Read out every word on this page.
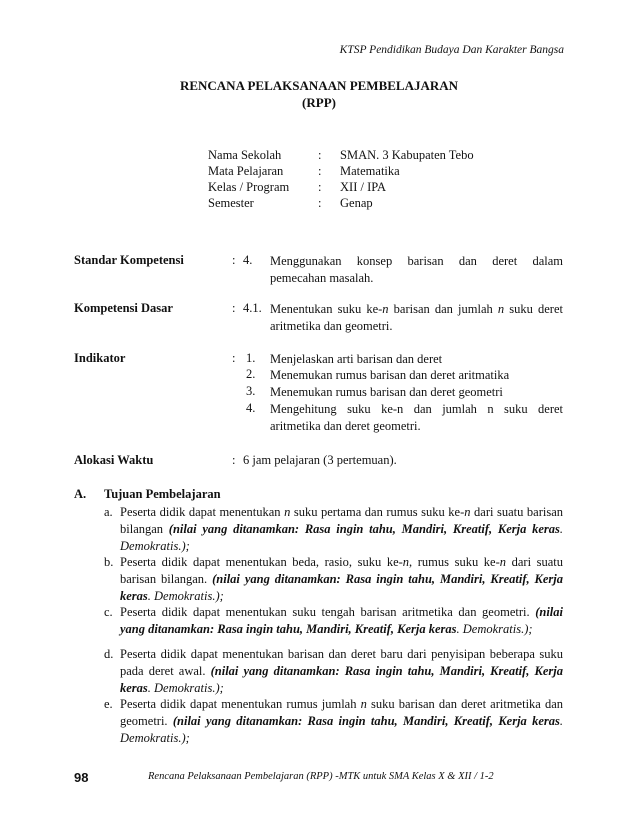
KTSP Pendidikan Budaya Dan Karakter Bangsa
RENCANA PELAKSANAAN PEMBELAJARAN
(RPP)
Nama Sekolah	: SMAN. 3 Kabupaten Tebo
Mata Pelajaran	: Matematika
Kelas / Program : XII / IPA
Semester	: Genap
Standar Kompetensi	: 4. Menggunakan konsep barisan dan deret dalam
pemecahan masalah.
Kompetensi Dasar	: 4.1. Menentukan suku ke-n barisan dan jumlah n suku deret
aritmetika dan geometri.
Indikator	: 1. Menjelaskan arti barisan dan deret
2. Menemukan rumus barisan dan deret aritmatika
3. Menemukan rumus barisan dan deret geometri
4. Mengehitung suku ke-n dan jumlah n suku deret
aritmetika dan deret geometri.
Alokasi Waktu	: 6 jam pelajaran (3 pertemuan).
A. Tujuan Pembelajaran
a. Peserta didik dapat menentukan n suku pertama dan rumus suku ke-n dari suatu barisan bilangan (nilai yang ditanamkan: Rasa ingin tahu, Mandiri, Kreatif, Kerja keras. Demokratis.);
b. Peserta didik dapat menentukan beda, rasio, suku ke-n, rumus suku ke-n dari suatu barisan bilangan. (nilai yang ditanamkan: Rasa ingin tahu, Mandiri, Kreatif, Kerja keras. Demokratis.);
c. Peserta didik dapat menentukan suku tengah barisan aritmetika dan geometri. (nilai yang ditanamkan: Rasa ingin tahu, Mandiri, Kreatif, Kerja keras. Demokratis.);
d. Peserta didik dapat menentukan barisan dan deret baru dari penyisipan beberapa suku pada deret awal. (nilai yang ditanamkan: Rasa ingin tahu, Mandiri, Kreatif, Kerja keras. Demokratis.);
e. Peserta didik dapat menentukan rumus jumlah n suku barisan dan deret aritmetika dan geometri. (nilai yang ditanamkan: Rasa ingin tahu, Mandiri, Kreatif, Kerja keras. Demokratis.);
98	Rencana Pelaksanaan Pembelajaran (RPP) -MTK untuk SMA Kelas X & XII / 1-2
